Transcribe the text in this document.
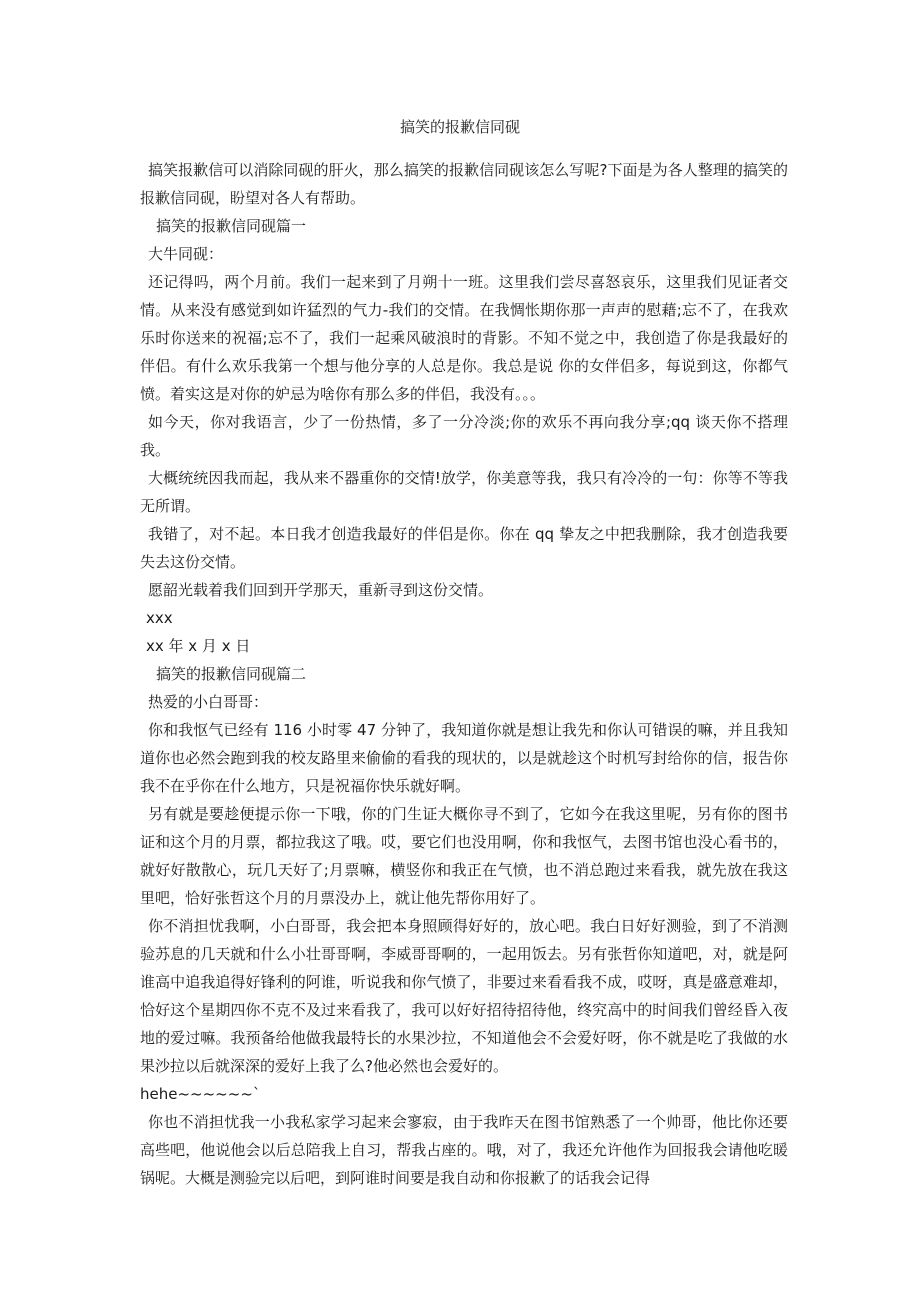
搞笑的报歉信同砚

搞笑报歉信可以消除同砚的肝火，那么搞笑的报歉信同砚该怎么写呢?下面是为各人整理的搞笑的报歉信同砚，盼望对各人有帮助。

搞笑的报歉信同砚篇一

大牛同砚：

还记得吗，两个月前。我们一起来到了月朔十一班。这里我们尝尽喜怒哀乐，这里我们见证者交情。从来没有感觉到如许猛烈的气力-我们的交情。在我惆怅期你那一声声的慰藉;忘不了，在我欢乐时你送来的祝福;忘不了，我们一起乘风破浪时的背影。不知不觉之中，我创造了你是我最好的伴侣。有什么欢乐我第一个想与他分享的人总是你。我总是说 你的女伴侣多，每说到这，你都气愤。着实这是对你的妒忌为啥你有那么多的伴侣，我没有。。。

如今天，你对我语言，少了一份热情，多了一分冷淡;你的欢乐不再向我分享;qq 谈天你不搭理我。

大概统统因我而起，我从来不器重你的交情!放学，你美意等我，我只有冷冷的一句：你等不等我无所谓。

我错了，对不起。本日我才创造我最好的伴侣是你。你在 qq 挚友之中把我删除，我才创造我要失去这份交情。

愿韶光载着我们回到开学那天，重新寻到这份交情。

xxx

xx 年 x 月 x 日

搞笑的报歉信同砚篇二

热爱的小白哥哥：

你和我怄气已经有 116 小时零 47 分钟了，我知道你就是想让我先和你认可错误的嘛，并且我知道你也必然会跑到我的校友路里来偷偷的看我的现状的，以是就趁这个时机写封给你的信，报告你我不在乎你在什么地方，只是祝福你快乐就好啊。

另有就是要趁便提示你一下哦，你的门生证大概你寻不到了，它如今在我这里呢，另有你的图书证和这个月的月票，都拉我这了哦。哎，要它们也没用啊，你和我怄气，去图书馆也没心看书的，就好好散散心，玩几天好了;月票嘛，横竖你和我正在气愤，也不消总跑过来看我，就先放在我这里吧，恰好张哲这个月的月票没办上，就让他先帮你用好了。

你不消担忧我啊，小白哥哥，我会把本身照顾得好好的，放心吧。我白日好好测验，到了不消测验苏息的几天就和什么小壮哥哥啊，李威哥哥啊的，一起用饭去。另有张哲你知道吧，对，就是阿谁高中追我追得好锋利的阿谁，听说我和你气愤了，非要过来看看我不成，哎呀，真是盛意难却，恰好这个星期四你不克不及过来看我了，我可以好好招待招待他，终究高中的时间我们曾经昏入夜地的爱过嘛。我预备给他做我最特长的水果沙拉，不知道他会不会爱好呀，你不就是吃了我做的水果沙拉以后就深深的爱好上我了么?他必然也会爱好的。

hehe~~~~~~`

你也不消担忧我一小我私家学习起来会寥寂，由于我昨天在图书馆熟悉了一个帅哥，他比你还要高些吧，他说他会以后总陪我上自习，帮我占座的。哦，对了，我还允许他作为回报我会请他吃暖锅呢。大概是测验完以后吧，到阿谁时间要是我自动和你报歉了的话我会记得
